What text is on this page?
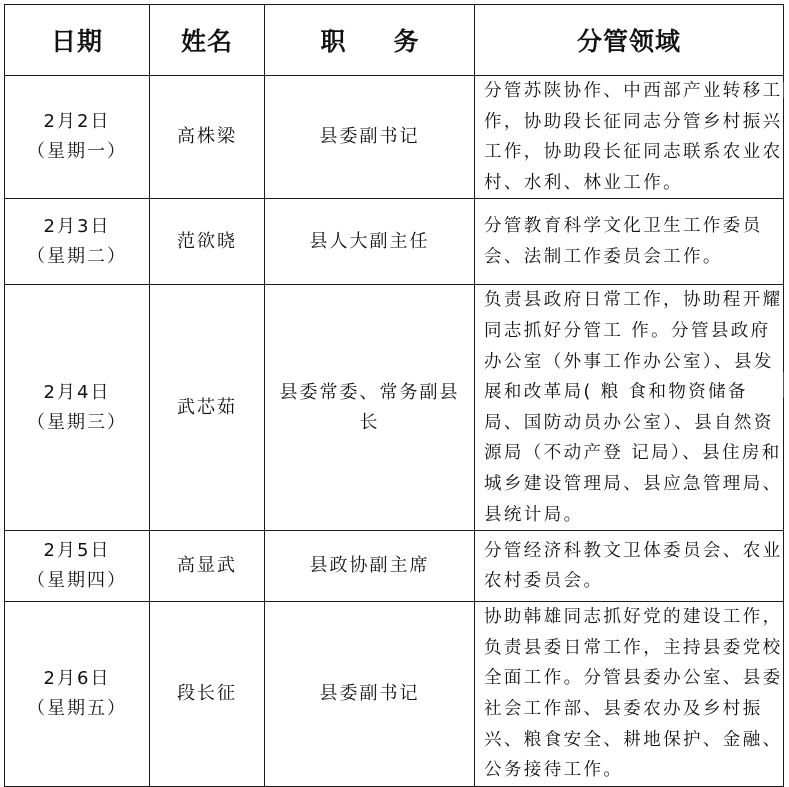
日期	姓名	职 务	分管领域

2月2日
（星期一）	高株梁	县委副书记	分管苏陕协作、中西部产业转移工作，协助段长征同志分管乡村振兴工作，协助段长征同志联系农业农村、水利、林业工作。

2月3日
（星期二）	范欲晓	县人大副主任	分管教育科学文化卫生工作委员会、法制工作委员会工作。

2月4日
（星期三）	武芯茹	县委常委、常务副县长	负责县政府日常工作，协助程开耀同志抓好分管工 作。分管县政府办公室（外事工作办公室）、县发展和改革局( 粮 食和物资储备局、国防动员办公室）、县自然资源局（不动产登 记局）、县住房和城乡建设管理局、县应急管理局、县统计局。

2月5日
（星期四）	高显武	县政协副主席	分管经济科教文卫体委员会、农业农村委员会。

2月6日
（星期五）	段长征	县委副书记	协助韩雄同志抓好党的建设工作，负责县委日常工作，主持县委党校全面工作。分管县委办公室、县委社会工作部、县委农办及乡村振兴、粮食安全、耕地保护、金融、公务接待工作。
